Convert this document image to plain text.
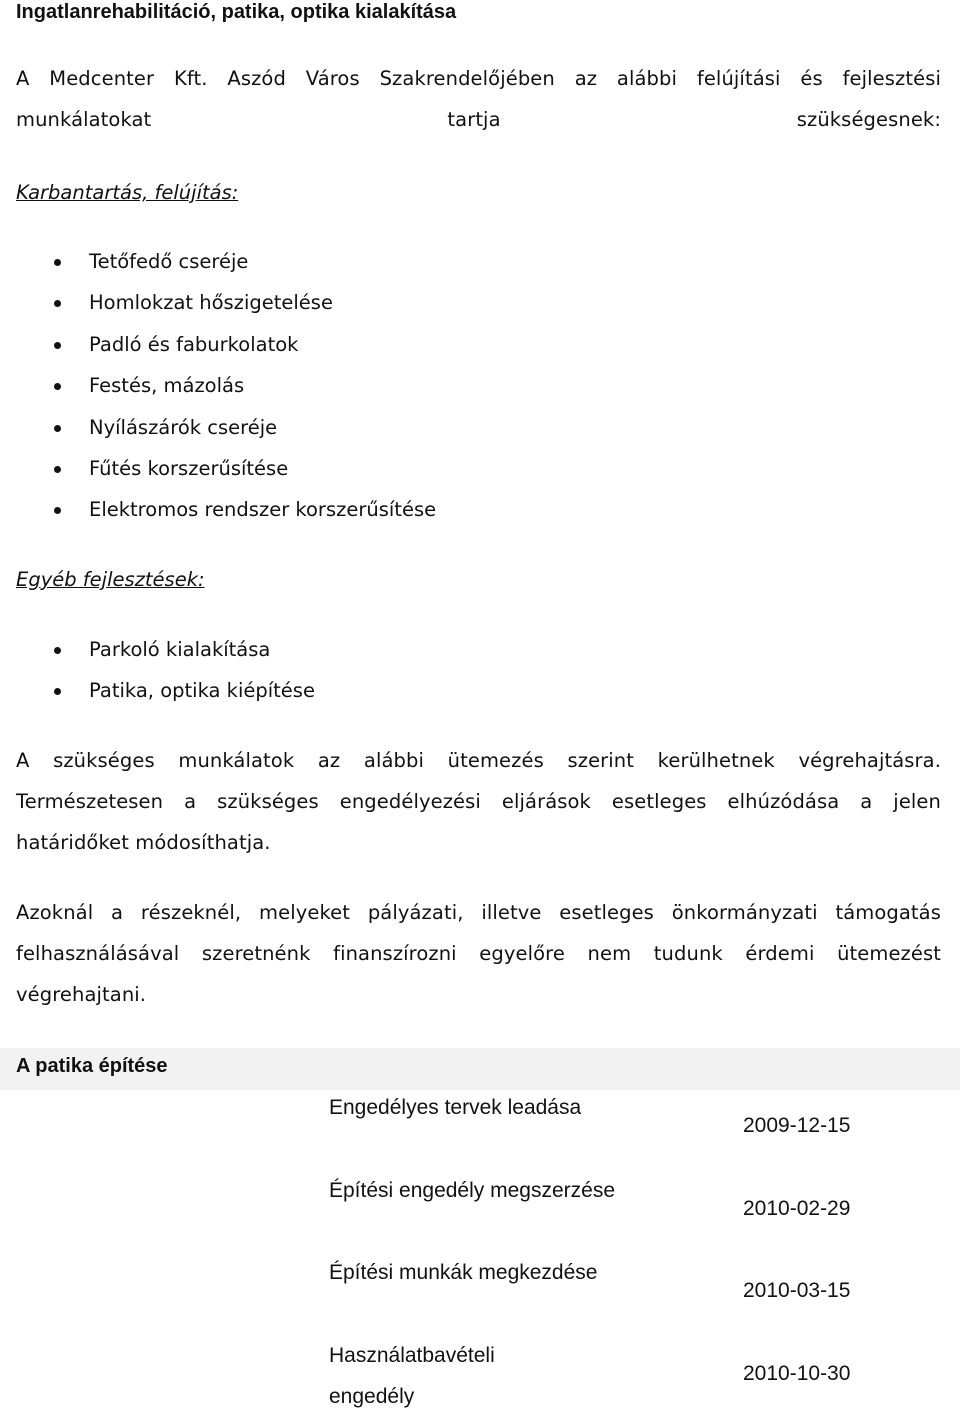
Ingatlanrehabilitáció, patika, optika kialakítása

A Medcenter Kft. Aszód Város Szakrendelőjében az alábbi felújítási és fejlesztési munkálatokat tartja szükségesnek:

Karbantartás, felújítás:

Tetőfedő cseréje
Homlokzat hőszigetelése
Padló és faburkolatok
Festés, mázolás
Nyílászárók cseréje
Fűtés korszerűsítése
Elektromos rendszer korszerűsítése

Egyéb fejlesztések:

Parkoló kialakítása
Patika, optika kiépítése

A szükséges munkálatok az alábbi ütemezés szerint kerülhetnek végrehajtásra. Természetesen a szükséges engedélyezési eljárások esetleges elhúzódása a jelen határidőket módosíthatja.

Azoknál a részeknél, melyeket pályázati, illetve esetleges önkormányzati támogatás felhasználásával szeretnénk finanszírozni egyelőre nem tudunk érdemi ütemezést végrehajtani.

A patika építése
Engedélyes tervek leadása
2009-12-15
Építési engedély megszerzése
2010-02-29
Építési munkák megkezdése
2010-03-15
Használatbavételi engedély
2010-10-30
